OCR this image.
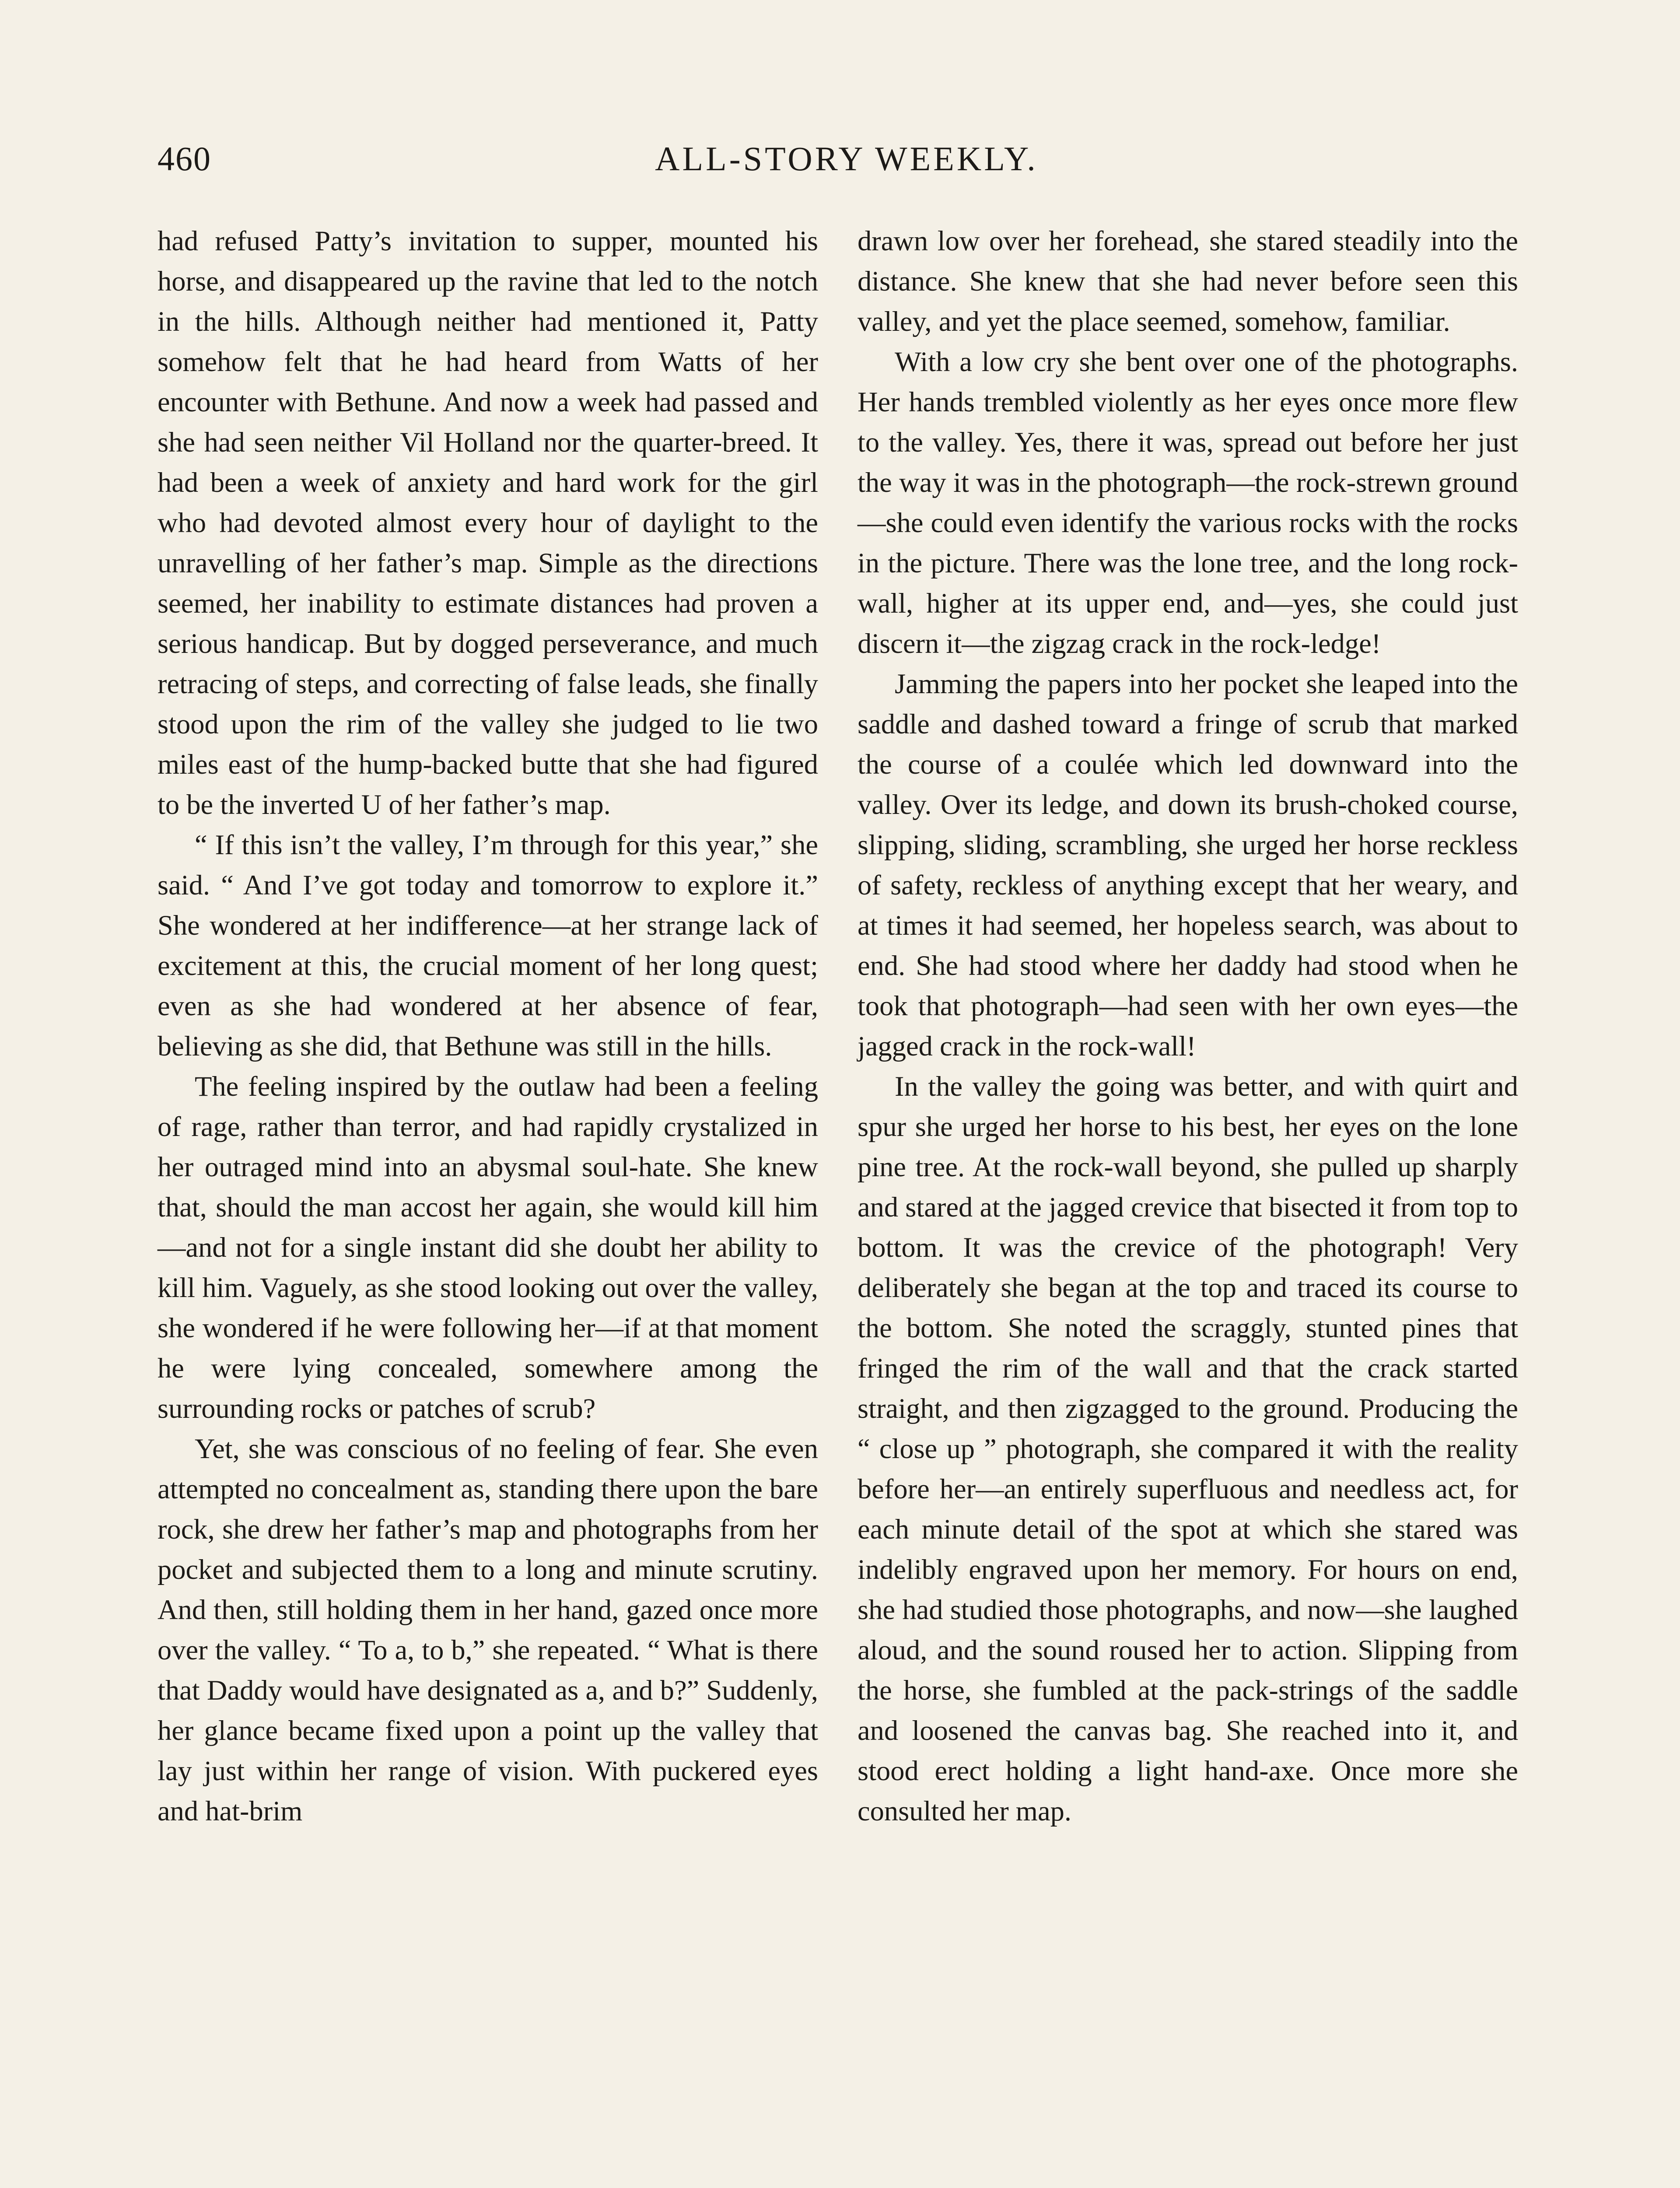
460	ALL-STORY WEEKLY.

had refused Patty’s invitation to supper, mounted his horse, and disappeared up the ravine that led to the notch in the hills. Although neither had mentioned it, Patty somehow felt that he had heard from Watts of her encounter with Bethune. And now a week had passed and she had seen neither Vil Holland nor the quarter-breed. It had been a week of anxiety and hard work for the girl who had devoted almost every hour of daylight to the unravelling of her father’s map. Simple as the directions seemed, her inability to estimate distances had proven a serious handicap. But by dogged perseverance, and much retracing of steps, and correcting of false leads, she finally stood upon the rim of the valley she judged to lie two miles east of the hump-backed butte that she had figured to be the inverted U of her father’s map.

“ If this isn’t the valley, I’m through for this year,” she said. “ And I’ve got today and tomorrow to explore it.” She wondered at her indifference—at her strange lack of excitement at this, the crucial moment of her long quest; even as she had wondered at her absence of fear, believing as she did, that Bethune was still in the hills.

The feeling inspired by the outlaw had been a feeling of rage, rather than terror, and had rapidly crystalized in her outraged mind into an abysmal soul-hate. She knew that, should the man accost her again, she would kill him—and not for a single instant did she doubt her ability to kill him. Vaguely, as she stood looking out over the valley, she wondered if he were following her—if at that moment he were lying concealed, somewhere among the surrounding rocks or patches of scrub?

Yet, she was conscious of no feeling of fear. She even attempted no concealment as, standing there upon the bare rock, she drew her father’s map and photographs from her pocket and subjected them to a long and minute scrutiny. And then, still holding them in her hand, gazed once more over the valley. “ To a, to b,” she repeated. “ What is there that Daddy would have designated as a, and b?” Suddenly, her glance became fixed upon a point up the valley that lay just within her range of vision. With puckered eyes and hat-brim

drawn low over her forehead, she stared steadily into the distance. She knew that she had never before seen this valley, and yet the place seemed, somehow, familiar.

With a low cry she bent over one of the photographs. Her hands trembled violently as her eyes once more flew to the valley. Yes, there it was, spread out before her just the way it was in the photograph—the rock-strewn ground—she could even identify the various rocks with the rocks in the picture. There was the lone tree, and the long rock-wall, higher at its upper end, and—yes, she could just discern it—the zigzag crack in the rock-ledge!

Jamming the papers into her pocket she leaped into the saddle and dashed toward a fringe of scrub that marked the course of a coulée which led downward into the valley. Over its ledge, and down its brush-choked course, slipping, sliding, scrambling, she urged her horse reckless of safety, reckless of anything except that her weary, and at times it had seemed, her hopeless search, was about to end. She had stood where her daddy had stood when he took that photograph—had seen with her own eyes—the jagged crack in the rock-wall!

In the valley the going was better, and with quirt and spur she urged her horse to his best, her eyes on the lone pine tree. At the rock-wall beyond, she pulled up sharply and stared at the jagged crevice that bisected it from top to bottom. It was the crevice of the photograph! Very deliberately she began at the top and traced its course to the bottom. She noted the scraggly, stunted pines that fringed the rim of the wall and that the crack started straight, and then zigzagged to the ground. Producing the “ close up ” photograph, she compared it with the reality before her—an entirely superfluous and needless act, for each minute detail of the spot at which she stared was indelibly engraved upon her memory. For hours on end, she had studied those photographs, and now—she laughed aloud, and the sound roused her to action. Slipping from the horse, she fumbled at the pack-strings of the saddle and loosened the canvas bag. She reached into it, and stood erect holding a light hand-axe. Once more she consulted her map.
